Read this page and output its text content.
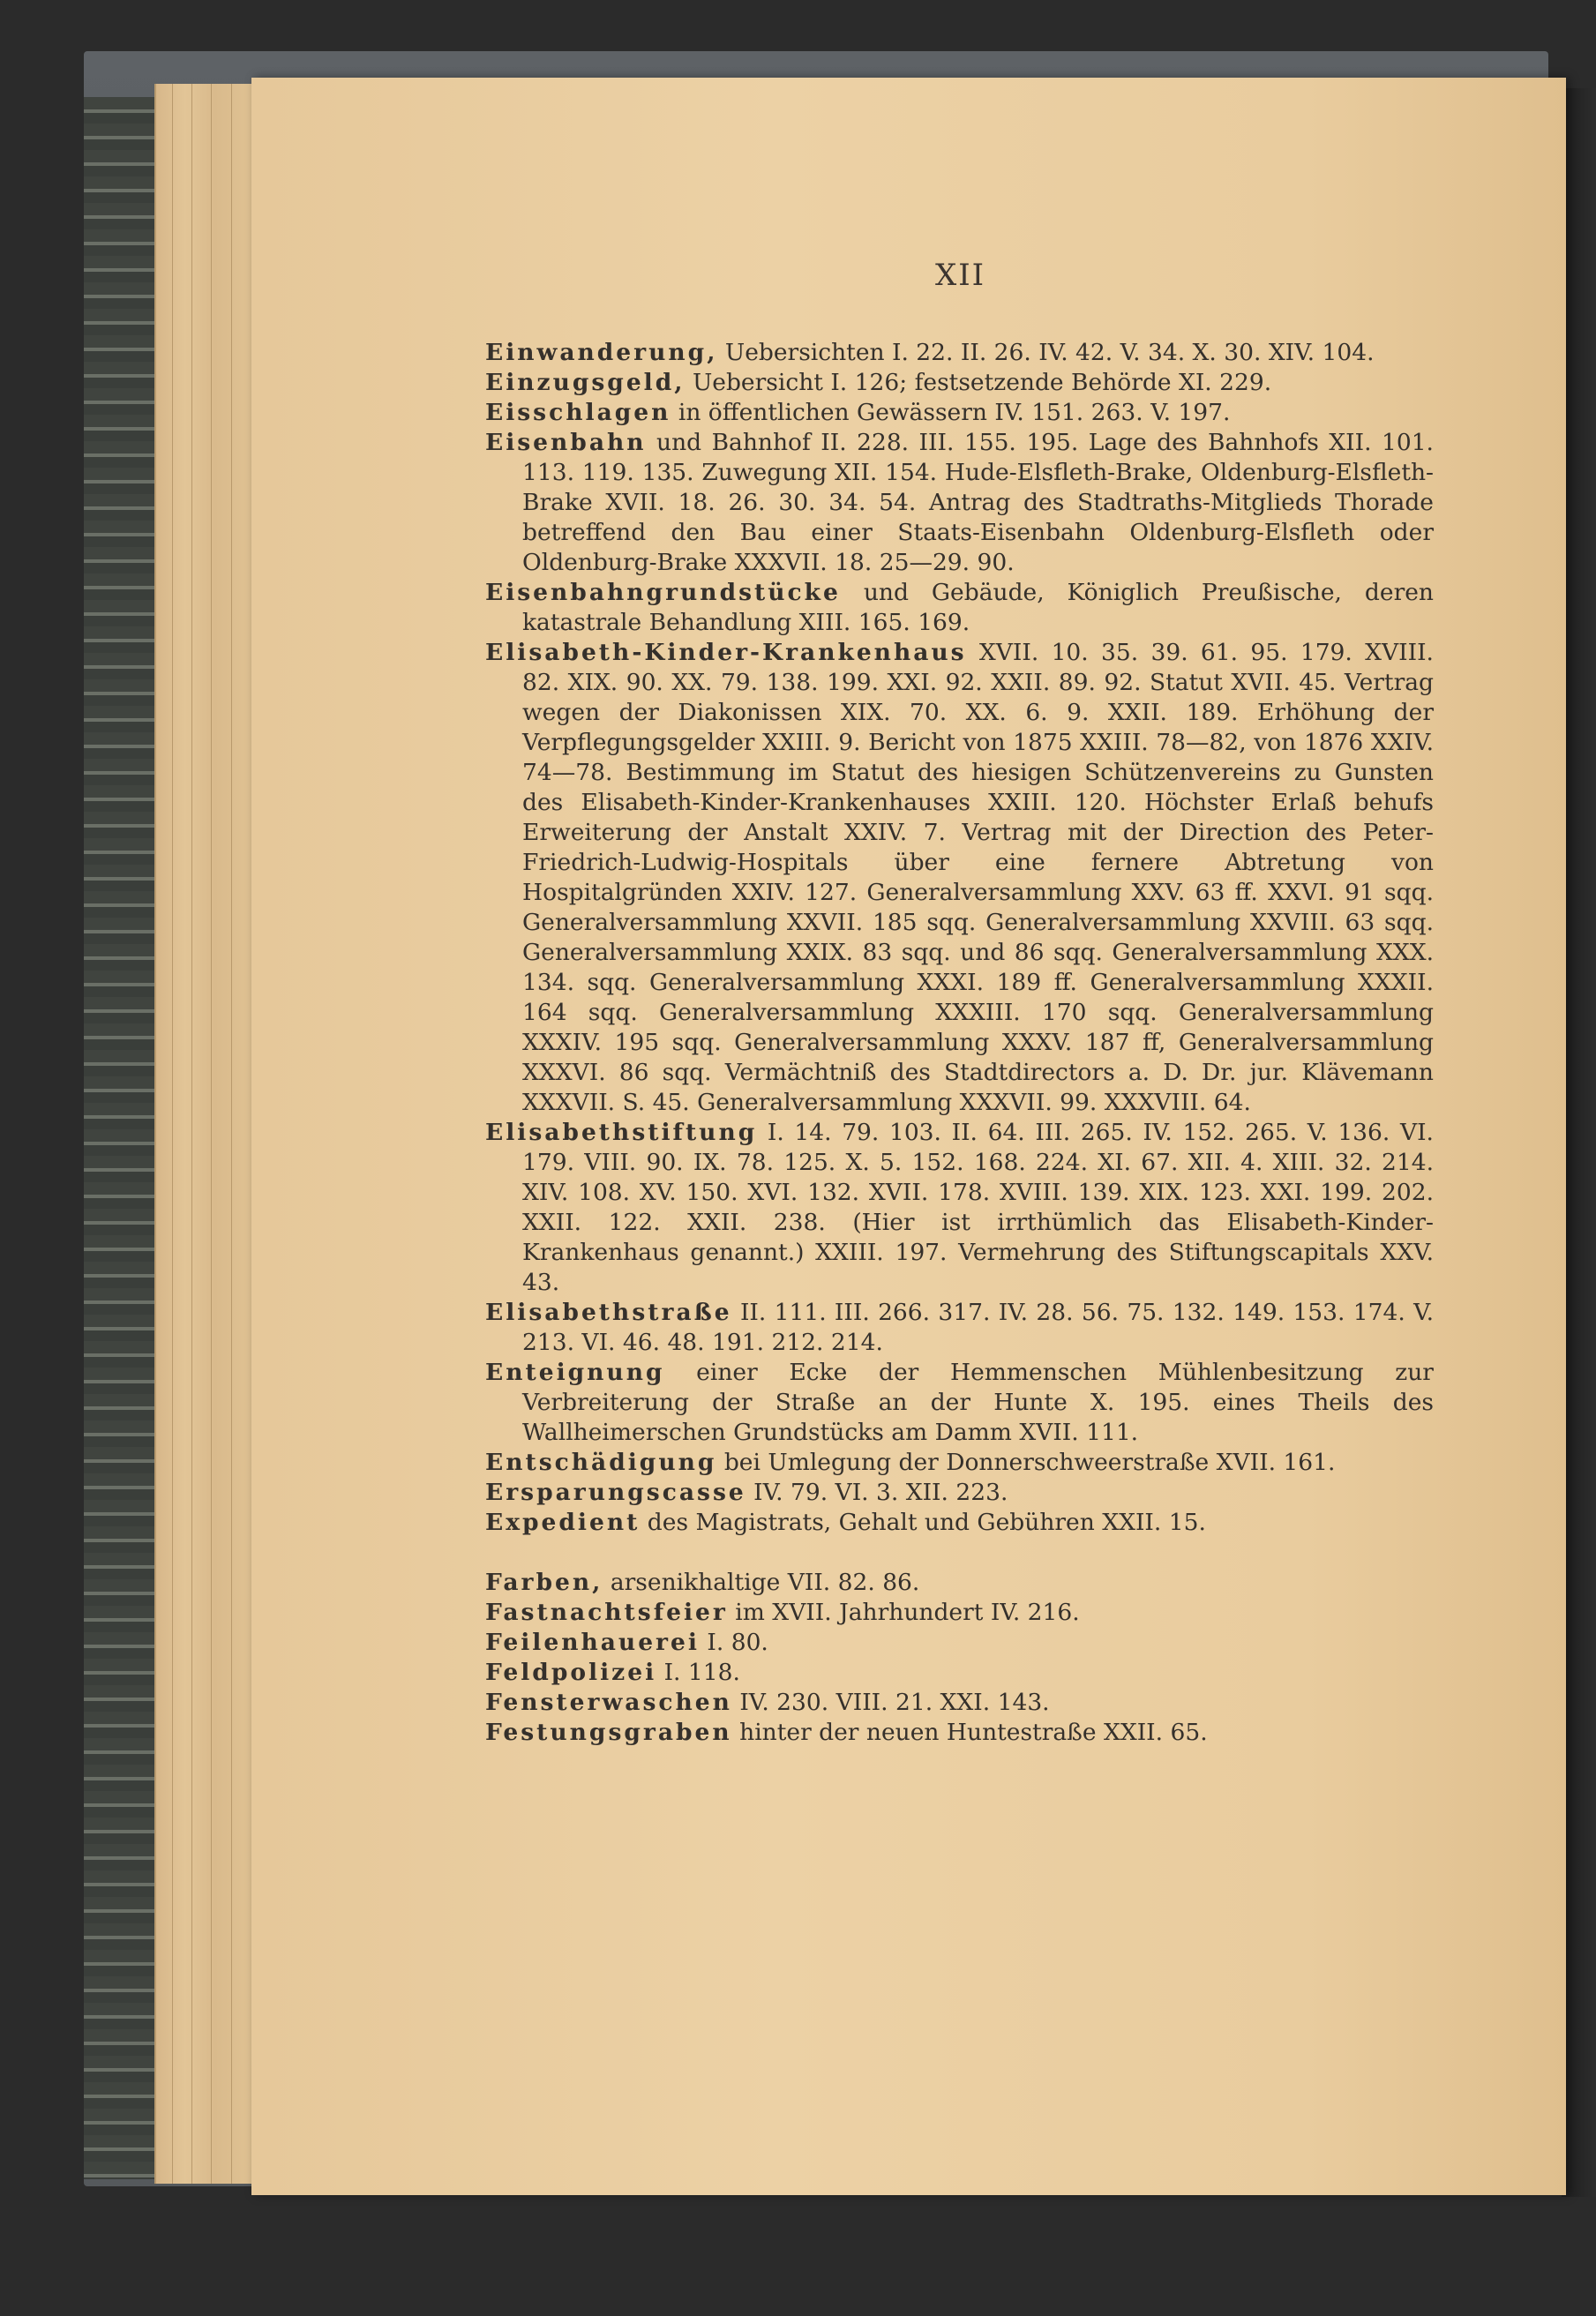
XII
Einwanderung, Uebersichten I. 22. II. 26. IV. 42. V. 34. X. 30. XIV. 104.
Einzugsgeld, Uebersicht I. 126; festsetzende Behörde XI. 229.
Eisschlagen in öffentlichen Gewässern IV. 151. 263. V. 197.
Eisenbahn und Bahnhof II. 228. III. 155. 195. Lage des Bahnhofs XII. 101. 113. 119. 135. Zuwegung XII. 154. Hude-Elsfleth-Brake, Oldenburg-Elsfleth-Brake XVII. 18. 26. 30. 34. 54. Antrag des Stadtraths-Mitglieds Thorade betreffend den Bau einer Staats-Eisenbahn Oldenburg-Elsfleth oder Oldenburg-Brake XXXVII. 18. 25—29. 90.
Eisenbahngrundstücke und Gebäude, Königlich Preußische, deren katastrale Behandlung XIII. 165. 169.
Elisabeth-Kinder-Krankenhaus XVII. 10. 35. 39. 61. 95. 179. XVIII. 82. XIX. 90. XX. 79. 138. 199. XXI. 92. XXII. 89. 92. Statut XVII. 45. Vertrag wegen der Diakonissen XIX. 70. XX. 6. 9. XXII. 189. Erhöhung der Verpflegungsgelder XXIII. 9. Bericht von 1875 XXIII. 78—82, von 1876 XXIV. 74—78. Bestimmung im Statut des hiesigen Schützenvereins zu Gunsten des Elisabeth-Kinder-Krankenhauses XXIII. 120. Höchster Erlaß behufs Erweiterung der Anstalt XXIV. 7. Vertrag mit der Direction des Peter-Friedrich-Ludwig-Hospitals über eine fernere Abtretung von Hospitalgründen XXIV. 127. Generalversammlung XXV. 63 ff. XXVI. 91 sqq. Generalversammlung XXVII. 185 sqq. Generalversammlung XXVIII. 63 sqq. Generalversammlung XXIX. 83 sqq. und 86 sqq. Generalversammlung XXX. 134. sqq. Generalversammlung XXXI. 189 ff. Generalversammlung XXXII. 164 sqq. Generalversammlung XXXIII. 170 sqq. Generalversammlung XXXIV. 195 sqq. Generalversammlung XXXV. 187 ff, Generalversammlung XXXVI. 86 sqq. Vermächtniß des Stadtdirectors a. D. Dr. jur. Klävemann XXXVII. S. 45. Generalversammlung XXXVII. 99. XXXVIII. 64.
Elisabethstiftung I. 14. 79. 103. II. 64. III. 265. IV. 152. 265. V. 136. VI. 179. VIII. 90. IX. 78. 125. X. 5. 152. 168. 224. XI. 67. XII. 4. XIII. 32. 214. XIV. 108. XV. 150. XVI. 132. XVII. 178. XVIII. 139. XIX. 123. XXI. 199. 202. XXII. 122. XXII. 238. (Hier ist irrthümlich das Elisabeth-Kinder-Krankenhaus genannt.) XXIII. 197. Vermehrung des Stiftungscapitals XXV. 43.
Elisabethstraße II. 111. III. 266. 317. IV. 28. 56. 75. 132. 149. 153. 174. V. 213. VI. 46. 48. 191. 212. 214.
Enteignung einer Ecke der Hemmenschen Mühlenbesitzung zur Verbreiterung der Straße an der Hunte X. 195. eines Theils des Wallheimerschen Grundstücks am Damm XVII. 111.
Entschädigung bei Umlegung der Donnerschweerstraße XVII. 161.
Ersparungscasse IV. 79. VI. 3. XII. 223.
Expedient des Magistrats, Gehalt und Gebühren XXII. 15.
Farben, arsenikhaltige VII. 82. 86.
Fastnachtsfeier im XVII. Jahrhundert IV. 216.
Feilenhauerei I. 80.
Feldpolizei I. 118.
Fensterwaschen IV. 230. VIII. 21. XXI. 143.
Festungsgraben hinter der neuen Huntestraße XXII. 65.
